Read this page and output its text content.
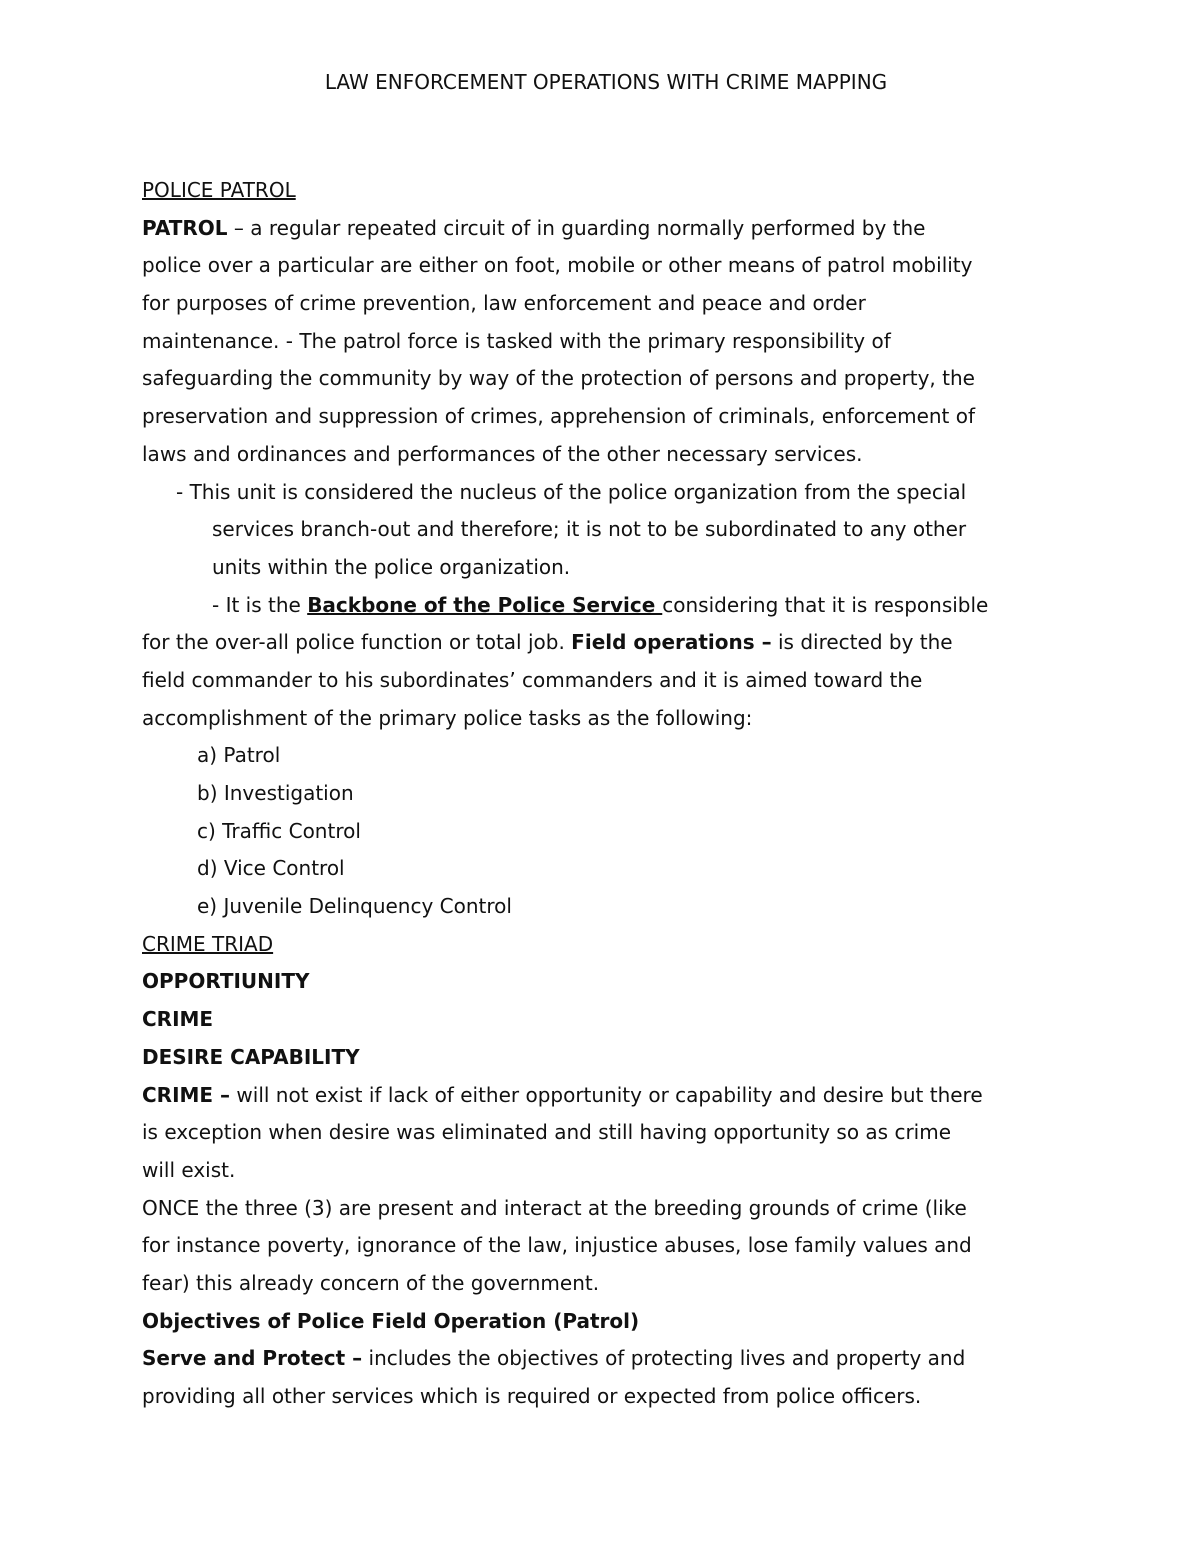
LAW ENFORCEMENT OPERATIONS WITH CRIME MAPPING
POLICE PATROL
PATROL – a regular repeated circuit of in guarding normally performed by the
police over a particular are either on foot, mobile or other means of patrol mobility
for purposes of crime prevention, law enforcement and peace and order
maintenance. - The patrol force is tasked with the primary responsibility of
safeguarding the community by way of the protection of persons and property, the
preservation and suppression of crimes, apprehension of criminals, enforcement of
laws and ordinances and performances of the other necessary services.
- This unit is considered the nucleus of the police organization from the special
services branch-out and therefore; it is not to be subordinated to any other
units within the police organization.
- It is the Backbone of the Police Service considering that it is responsible
for the over-all police function or total job. Field operations – is directed by the
field commander to his subordinates’ commanders and it is aimed toward the
accomplishment of the primary police tasks as the following:
a) Patrol
b) Investigation
c) Traffic Control
d) Vice Control
e) Juvenile Delinquency Control
CRIME TRIAD
OPPORTIUNITY
CRIME
DESIRE CAPABILITY
CRIME – will not exist if lack of either opportunity or capability and desire but there
is exception when desire was eliminated and still having opportunity so as crime
will exist.
ONCE the three (3) are present and interact at the breeding grounds of crime (like
for instance poverty, ignorance of the law, injustice abuses, lose family values and
fear) this already concern of the government.
Objectives of Police Field Operation (Patrol)
Serve and Protect – includes the objectives of protecting lives and property and
providing all other services which is required or expected from police officers.
